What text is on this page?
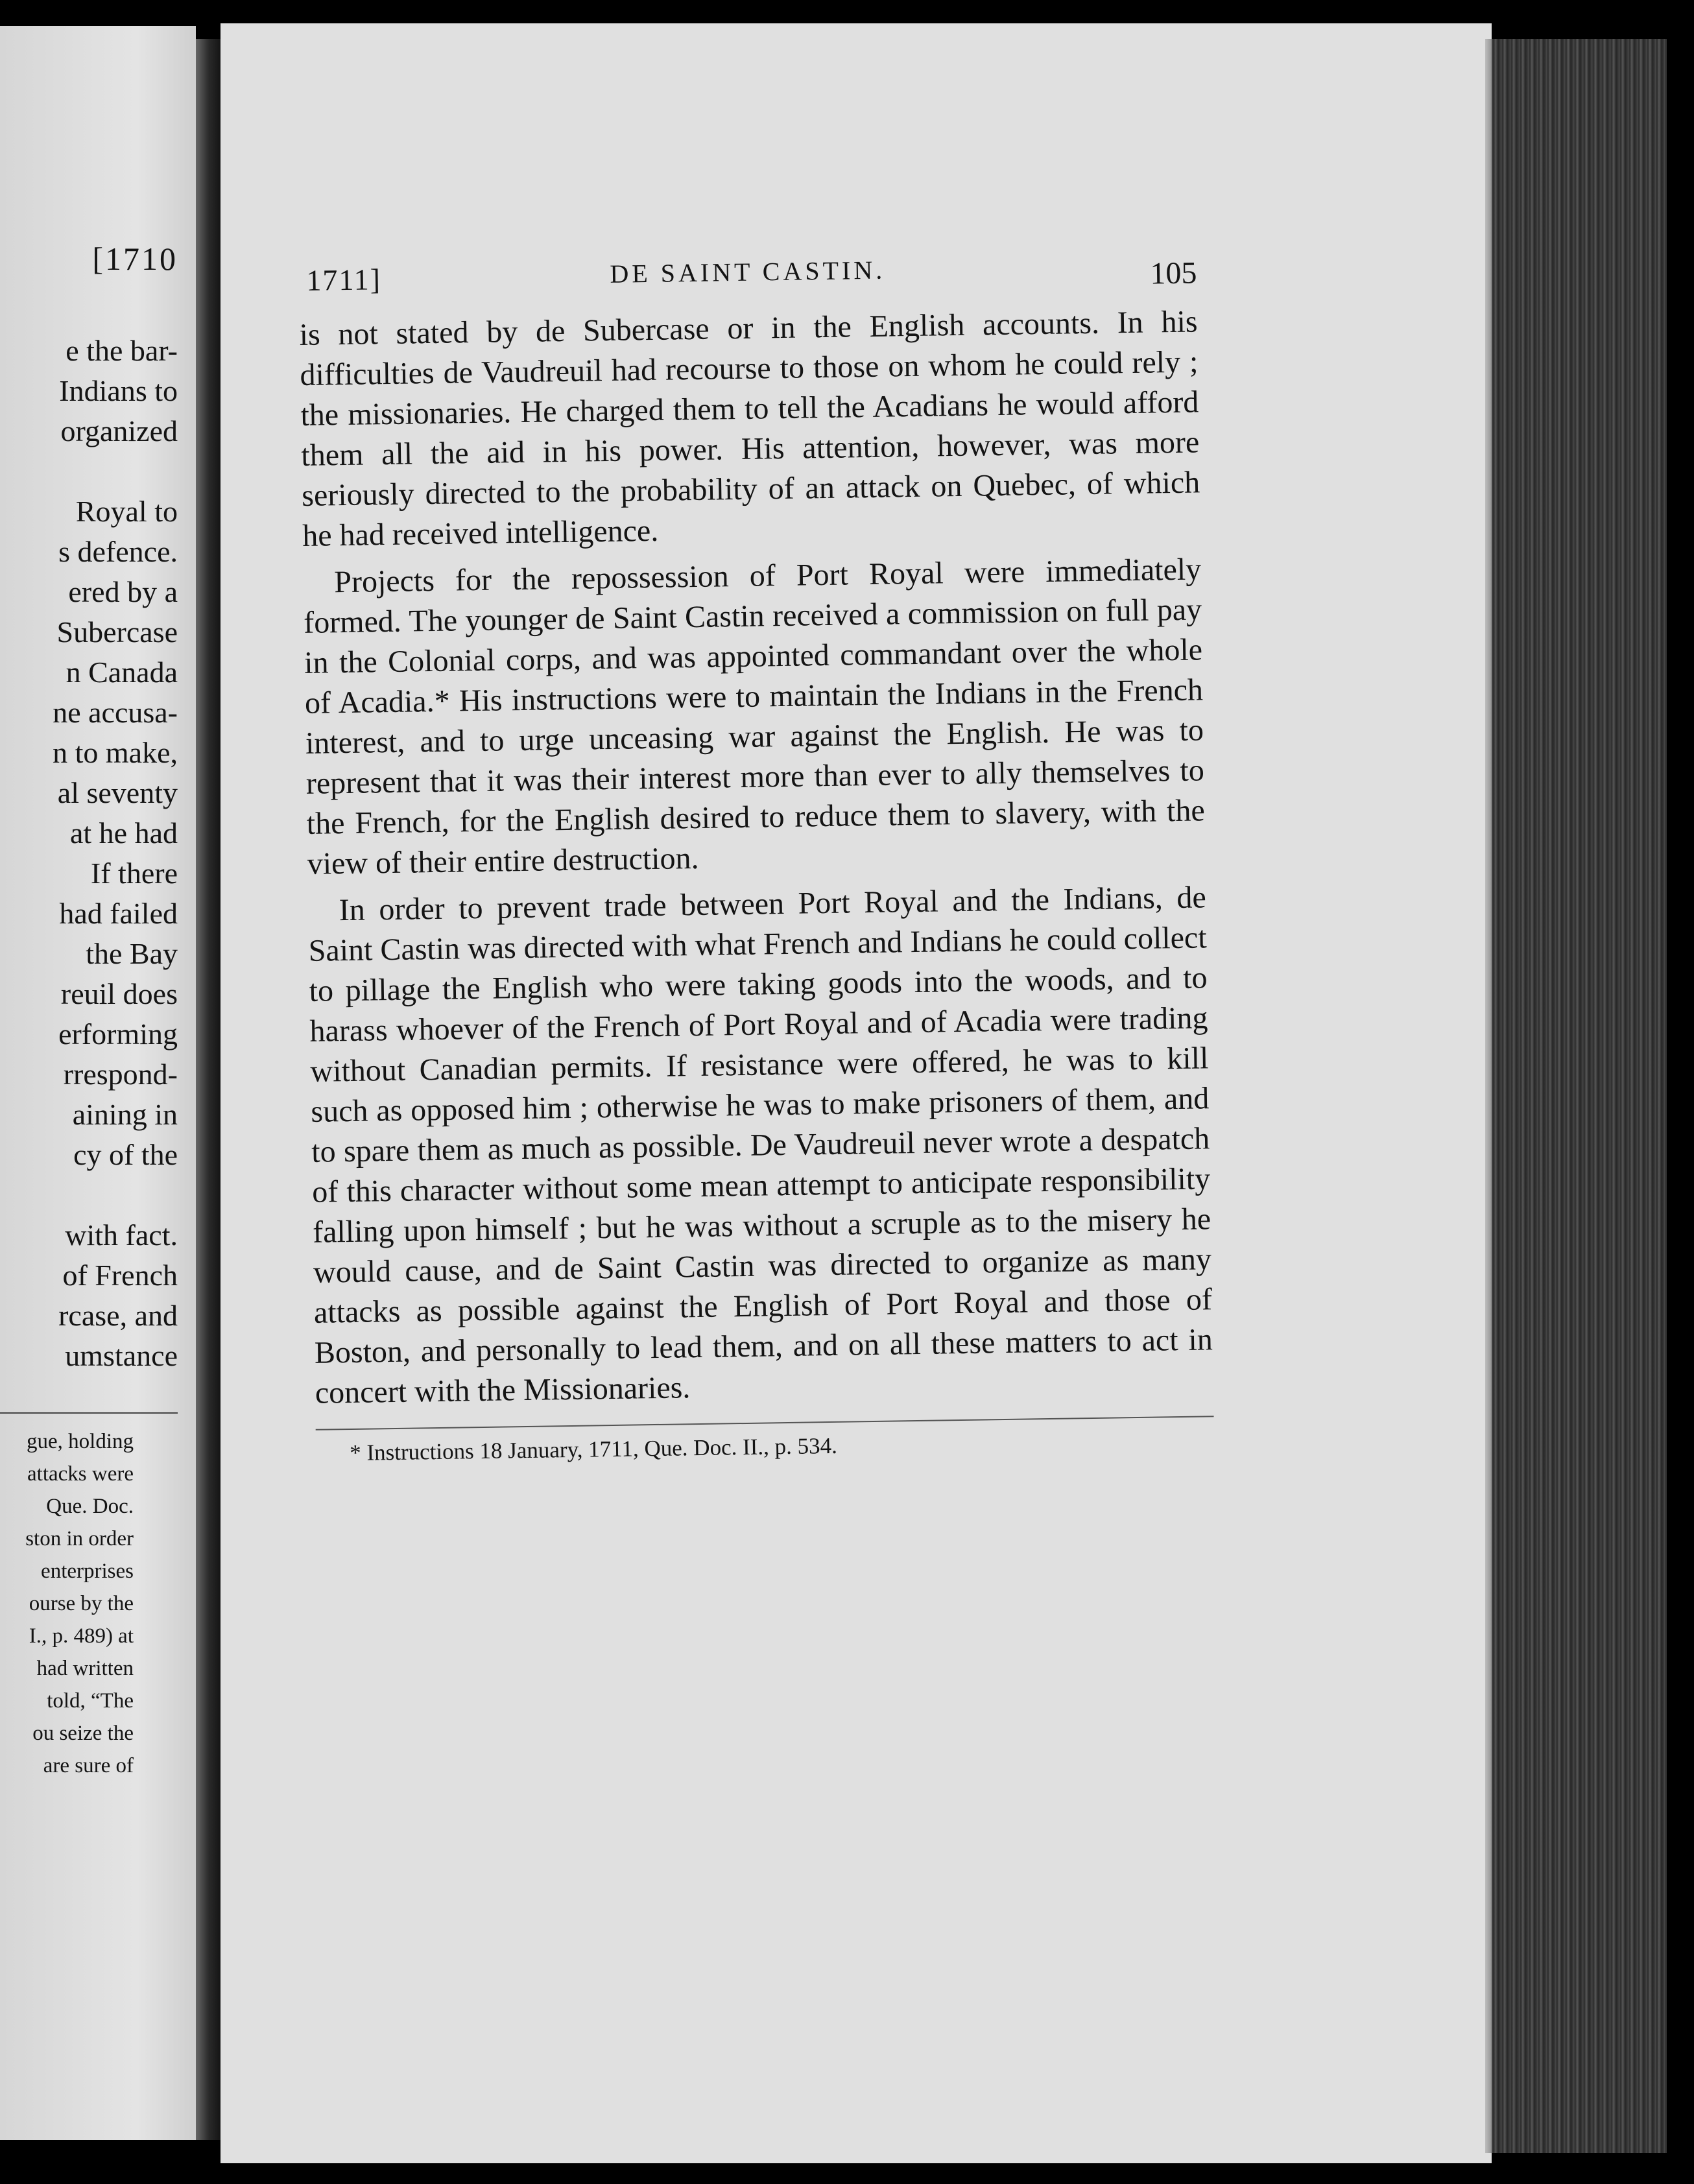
[1710
e the bar-
Indians to
organized

Royal to
s defence.
ered by a
Subercase
n Canada
ne accusa-
n to make,
al seventy
at he had
If there
had failed
the Bay
reuil does
erforming
rrespond-
aining in
cy of the

with fact.
of French
rcase, and
umstance
gue, holding
attacks were
Que. Doc.
ston in order
enterprises
ourse by the
I., p. 489) at
had written
told, “The
ou seize the
are sure of
1711]	DE SAINT CASTIN.	105

is not stated by de Subercase or in the English accounts. In his difficulties de Vaudreuil had recourse to those on whom he could rely ; the missionaries. He charged them to tell the Acadians he would afford them all the aid in his power. His attention, however, was more seriously directed to the probability of an attack on Quebec, of which he had received intelligence.

Projects for the repossession of Port Royal were immediately formed. The younger de Saint Castin received a commission on full pay in the Colonial corps, and was appointed commandant over the whole of Acadia.* His instructions were to maintain the Indians in the French interest, and to urge unceasing war against the English. He was to represent that it was their interest more than ever to ally themselves to the French, for the English desired to reduce them to slavery, with the view of their entire destruction.

In order to prevent trade between Port Royal and the Indians, de Saint Castin was directed with what French and Indians he could collect to pillage the English who were taking goods into the woods, and to harass whoever of the French of Port Royal and of Acadia were trading without Canadian permits. If resistance were offered, he was to kill such as opposed him ; otherwise he was to make prisoners of them, and to spare them as much as possible. De Vaudreuil never wrote a despatch of this character without some mean attempt to anticipate responsibility falling upon himself ; but he was without a scruple as to the misery he would cause, and de Saint Castin was directed to organize as many attacks as possible against the English of Port Royal and those of Boston, and personally to lead them, and on all these matters to act in concert with the Missionaries.

* Instructions 18 January, 1711, Que. Doc. II., p. 534.
